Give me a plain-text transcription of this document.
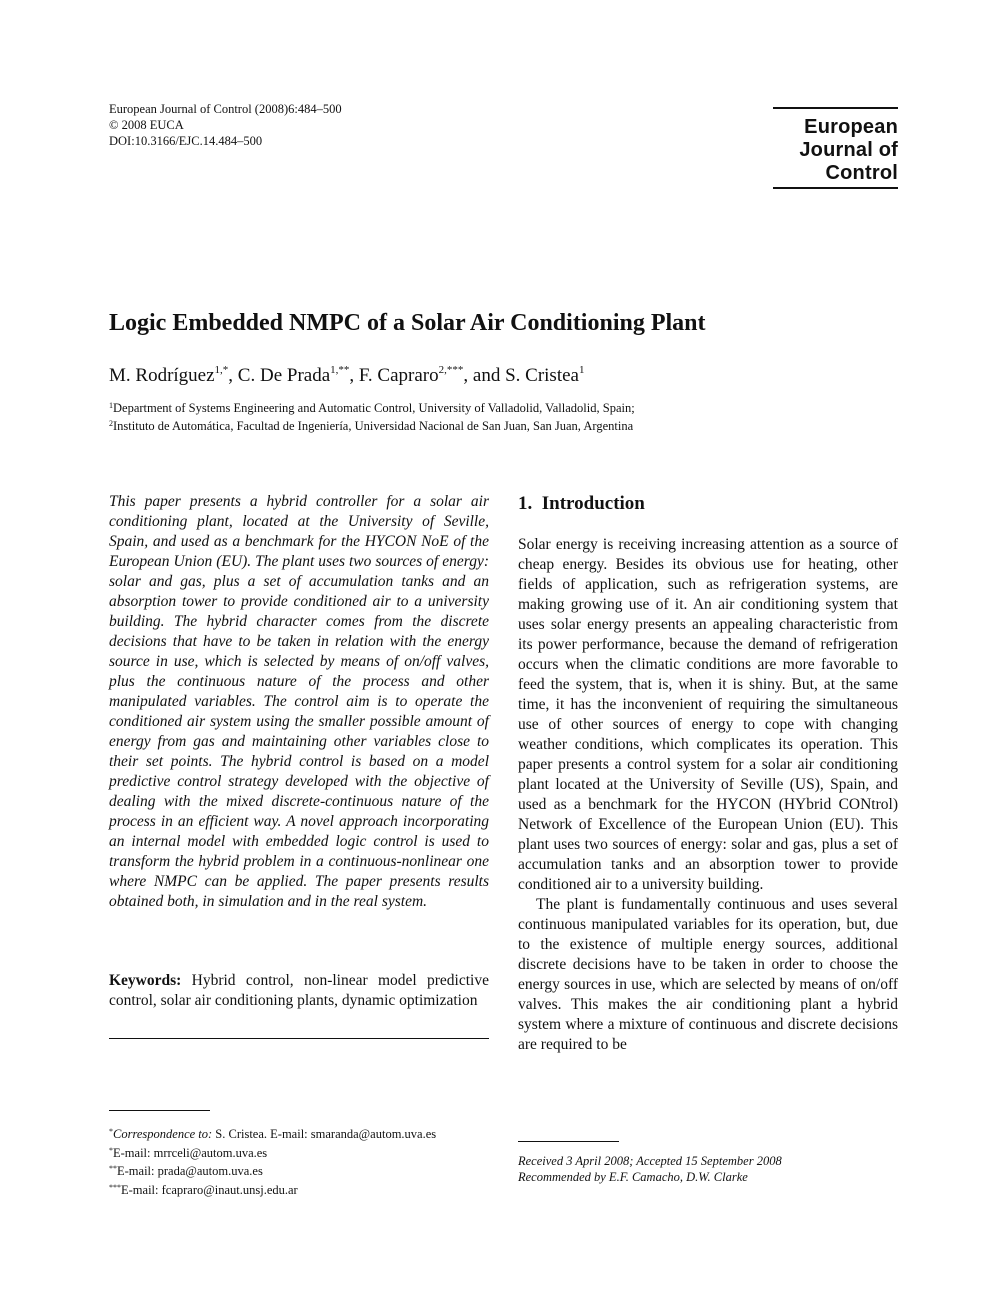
European Journal of Control (2008)6:484–500
© 2008 EUCA
DOI:10.3166/EJC.14.484–500
European
Journal of
Control
Logic Embedded NMPC of a Solar Air Conditioning Plant
M. Rodríguez$^{1,*}$, C. De Prada$^{1,**}$, F. Capraro$^{2,***}$, and S. Cristea$^1$
$^1$Department of Systems Engineering and Automatic Control, University of Valladolid, Valladolid, Spain;
$^2$Instituto de Automática, Facultad de Ingeniería, Universidad Nacional de San Juan, San Juan, Argentina
This paper presents a hybrid controller for a solar air conditioning plant, located at the University of Seville, Spain, and used as a benchmark for the HYCON NoE of the European Union (EU). The plant uses two sources of energy: solar and gas, plus a set of accumulation tanks and an absorption tower to provide conditioned air to a university building. The hybrid character comes from the discrete decisions that have to be taken in relation with the energy source in use, which is selected by means of on/off valves, plus the continuous nature of the process and other manipulated variables. The control aim is to operate the conditioned air system using the smaller possible amount of energy from gas and maintaining other variables close to their set points. The hybrid control is based on a model predictive control strategy developed with the objective of dealing with the mixed discrete-continuous nature of the process in an efficient way. A novel approach incorporating an internal model with embedded logic control is used to transform the hybrid problem in a continuous-nonlinear one where NMPC can be applied. The paper presents results obtained both, in simulation and in the real system.
Keywords: Hybrid control, non-linear model predictive control, solar air conditioning plants, dynamic optimization
*Correspondence to: S. Cristea. E-mail: smaranda@autom.uva.es
*E-mail: mrrceli@autom.uva.es
**E-mail: prada@autom.uva.es
***E-mail: fcapraro@inaut.unsj.edu.ar
1. Introduction

Solar energy is receiving increasing attention as a source of cheap energy. Besides its obvious use for heating, other fields of application, such as refrigeration systems, are making growing use of it. An air conditioning system that uses solar energy presents an appealing characteristic from its power performance, because the demand of refrigeration occurs when the climatic conditions are more favorable to feed the system, that is, when it is shiny. But, at the same time, it has the inconvenient of requiring the simultaneous use of other sources of energy to cope with changing weather conditions, which complicates its operation. This paper presents a control system for a solar air conditioning plant located at the University of Seville (US), Spain, and used as a benchmark for the HYCON (HYbrid CONtrol) Network of Excellence of the European Union (EU). This plant uses two sources of energy: solar and gas, plus a set of accumulation tanks and an absorption tower to provide conditioned air to a university building.

The plant is fundamentally continuous and uses several continuous manipulated variables for its operation, but, due to the existence of multiple energy sources, additional discrete decisions have to be taken in order to choose the energy sources in use, which are selected by means of on/off valves. This makes the air conditioning plant a hybrid system where a mixture of continuous and discrete decisions are required to be

Received 3 April 2008; Accepted 15 September 2008
Recommended by E.F. Camacho, D.W. Clarke
